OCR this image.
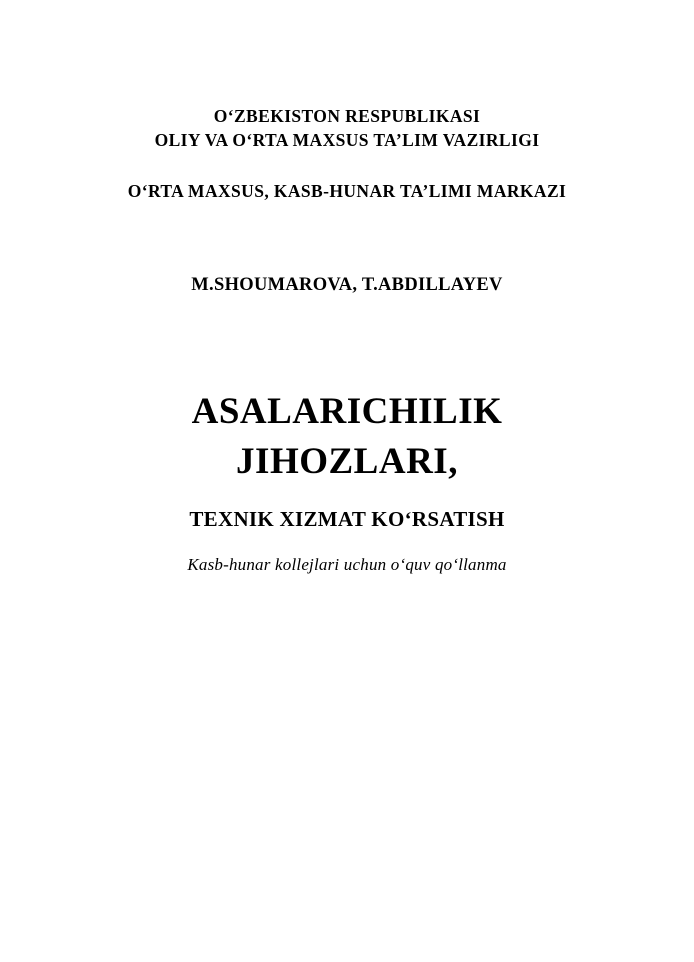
O‘ZBEKISTON RESPUBLIKASI
OLIY VA O‘RTA MAXSUS TA’LIM VAZIRLIGI
O‘RTA MAXSUS, KASB-HUNAR TA’LIMI MARKAZI
M.SHOUMAROVA, T.ABDILLAYEV
ASALARICHILIK
JIHOZLARI,
TEXNIK XIZMAT KO‘RSATISH
Kasb-hunar kollejlari uchun o‘quv qo‘llanma
